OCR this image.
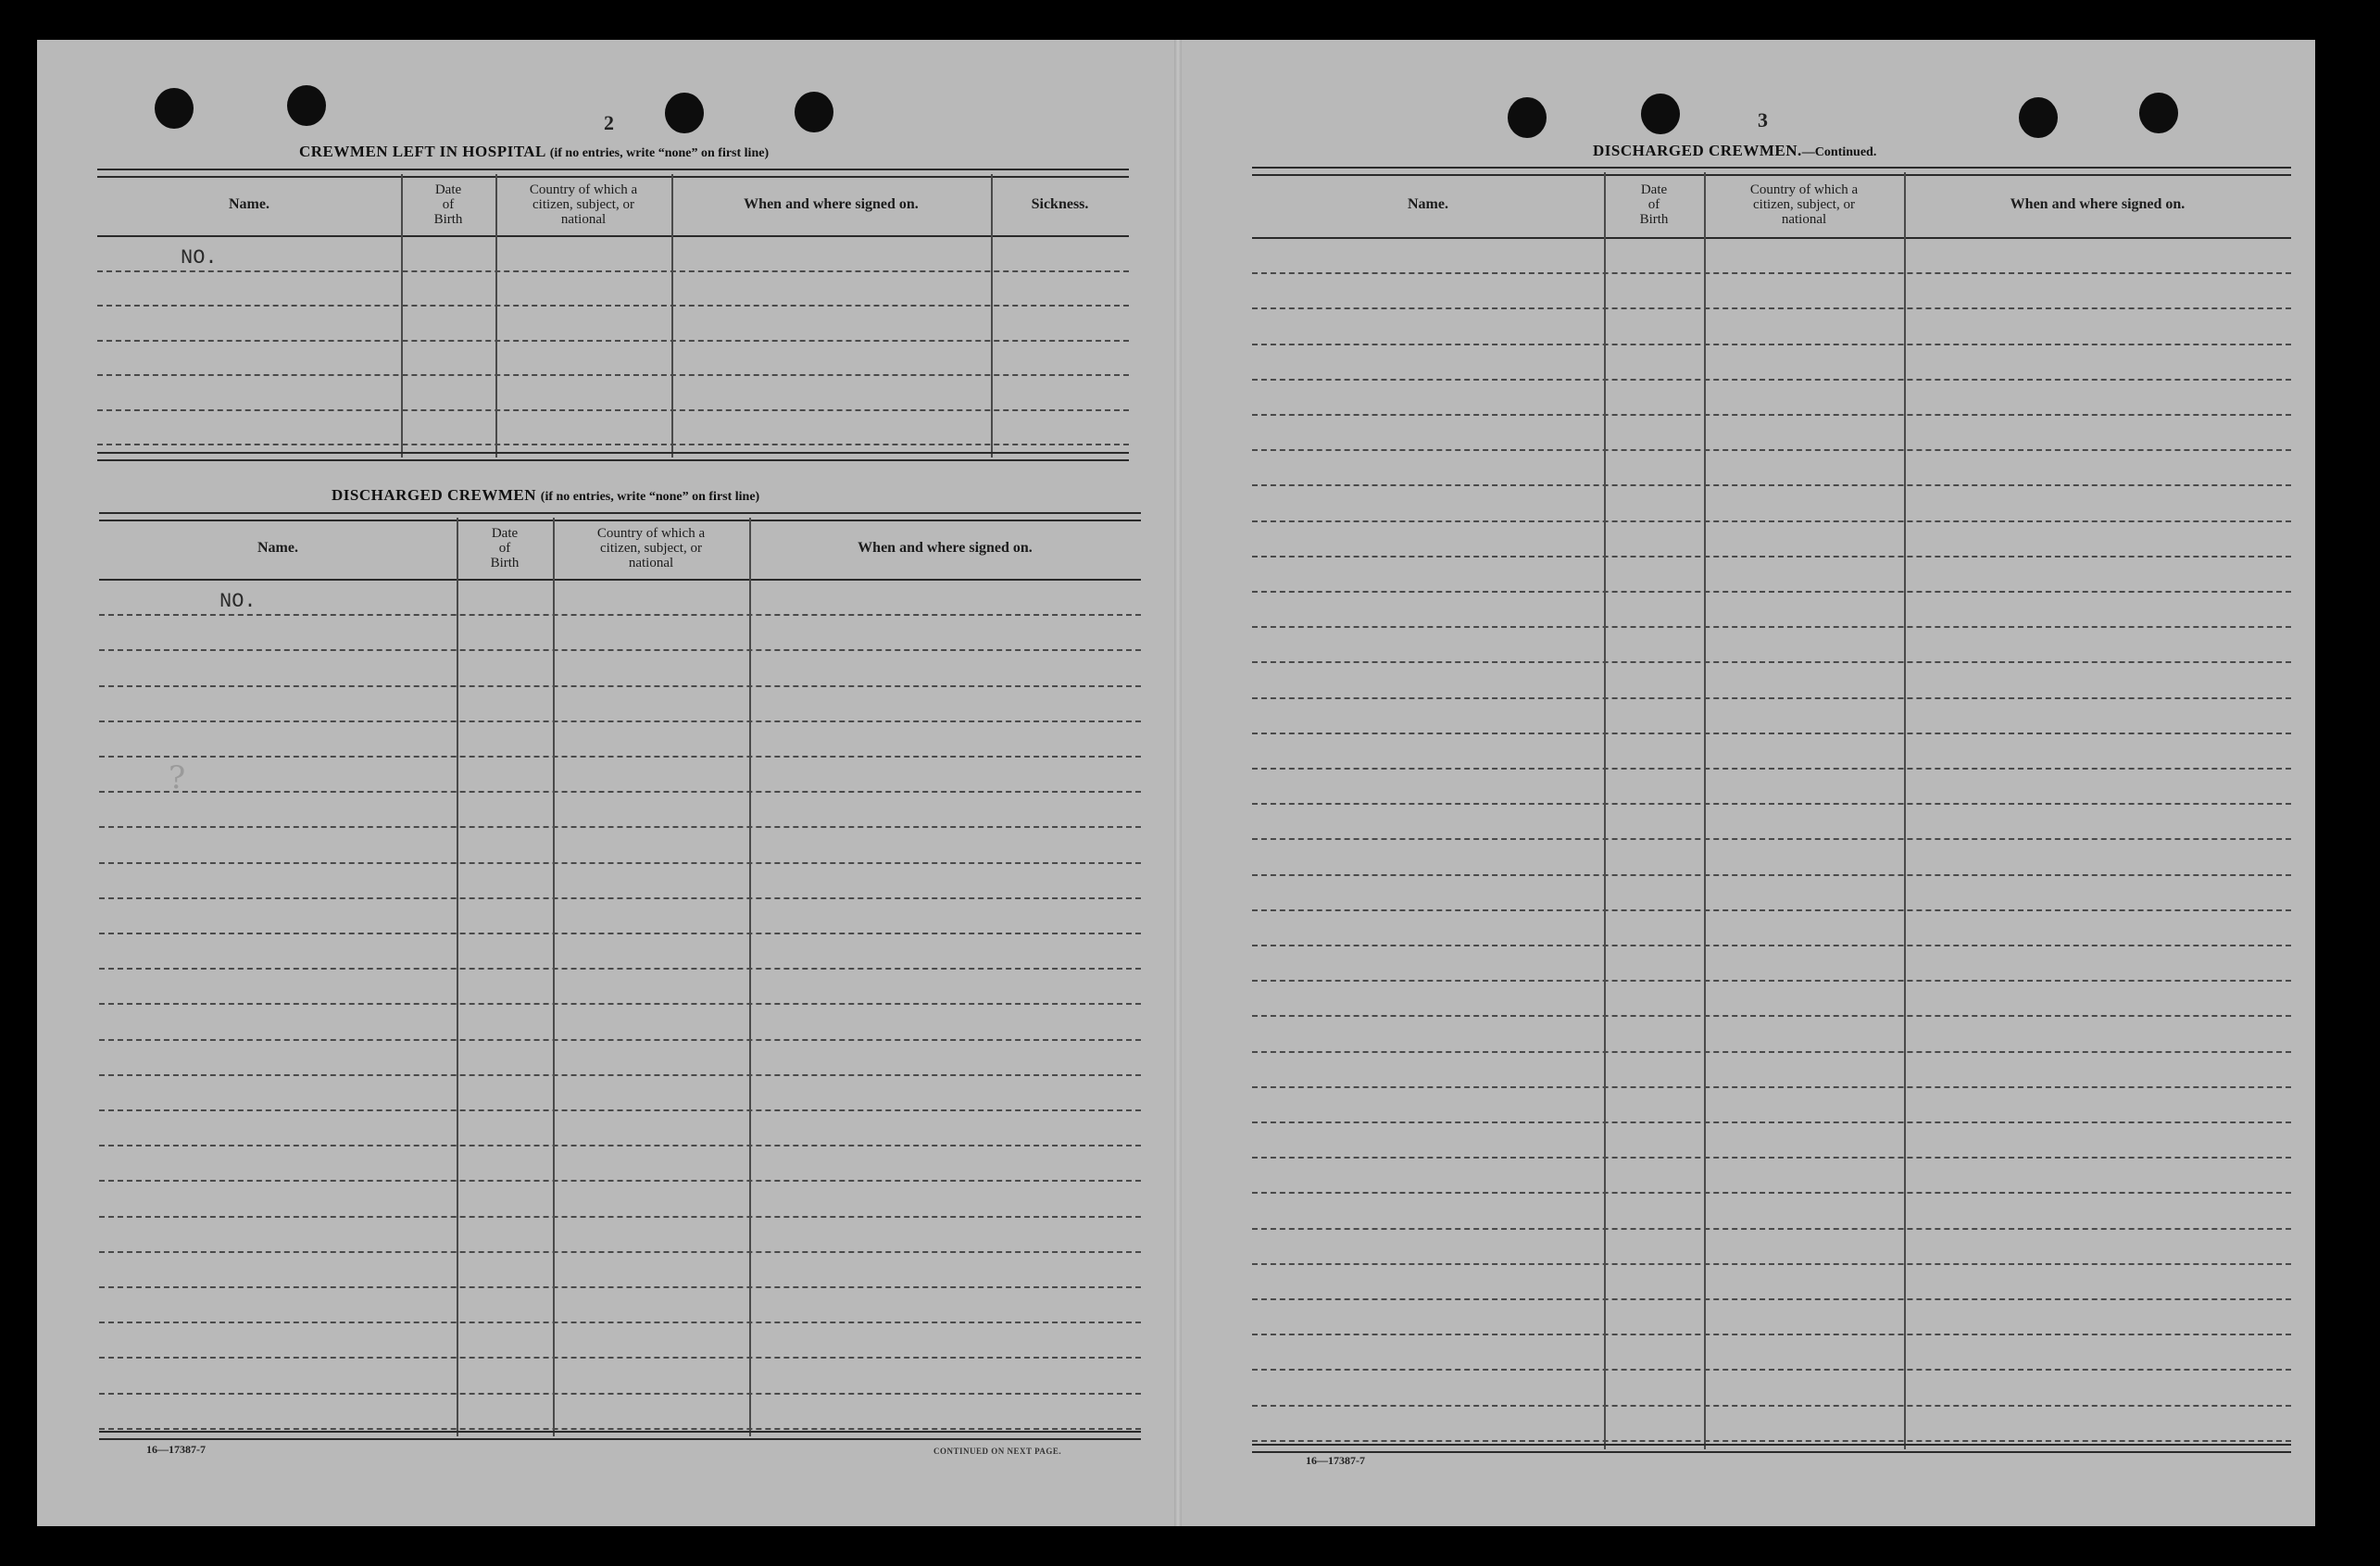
2
CREWMEN LEFT IN HOSPITAL (if no entries, write “none” on first line)
Name.
Date
of
Birth
Country of which a
citizen, subject, or
national
When and where signed on.	Sickness.
NO.
DISCHARGED CREWMEN (if no entries, write “none” on first line)
Name.
Date
of
Birth
Country of which a
citizen, subject, or
national
When and where signed on.
NO.
?
16—17387-7	CONTINUED ON NEXT PAGE.
3
DISCHARGED CREWMEN.—Continued.
Name.
Date
of
Birth
Country of which a
citizen, subject, or
national
When and where signed on.
16—17387-7
